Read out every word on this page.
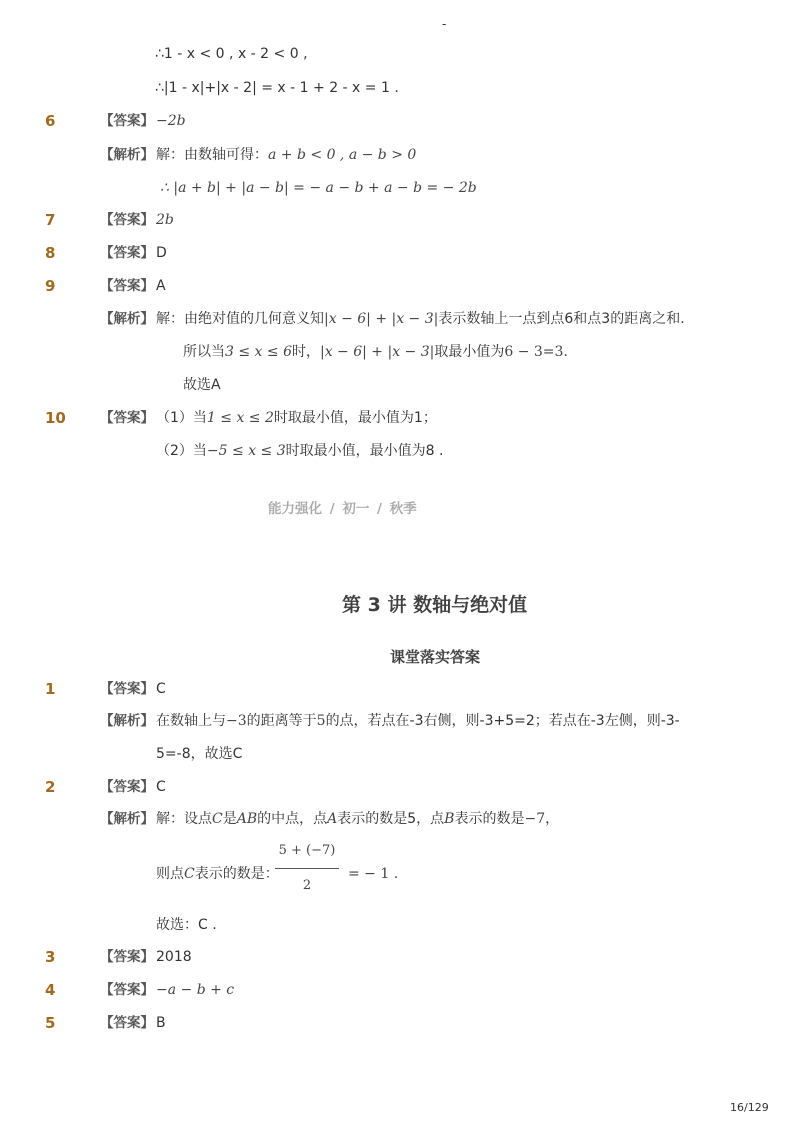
-
∴1 - x < 0 , x - 2 < 0 ,
∴|1 - x|+|x - 2| = x - 1 + 2 - x = 1 .
6	【答案】 −2b
【解析】 解：由数轴可得：a + b < 0 , a − b > 0
∴ |a + b| + |a − b| = − a − b + a − b = − 2b
7	【答案】 2b
8	【答案】 D
9	【答案】 A
【解析】 解：由绝对值的几何意义知|x − 6| + |x − 3|表示数轴上一点到点6和点3的距离之和.
所以当3 ≤ x ≤ 6时，|x − 6| + |x − 3|取最小值为6 − 3=3.
故选A
10	【答案】 （1）当1 ≤ x ≤ 2时取最小值，最小值为1；
（2）当−5 ≤ x ≤ 3时取最小值，最小值为8 .
能力强化 / 初一 / 秋季
第 3 讲 数轴与绝对值
课堂落实答案
1	【答案】 C
【解析】 在数轴上与−3的距离等于5的点，若点在-3右侧，则-3+5=2；若点在-3左侧，则-3-
5=-8，故选C
2	【答案】 C
【解析】 解：设点C是AB的中点，点A表示的数是5，点B表示的数是−7，
则点C表示的数是：
5 + (−7)
2
= − 1 .
故选：C .
3	【答案】 2018
4	【答案】 −a − b + c
5	【答案】 B
16/129
